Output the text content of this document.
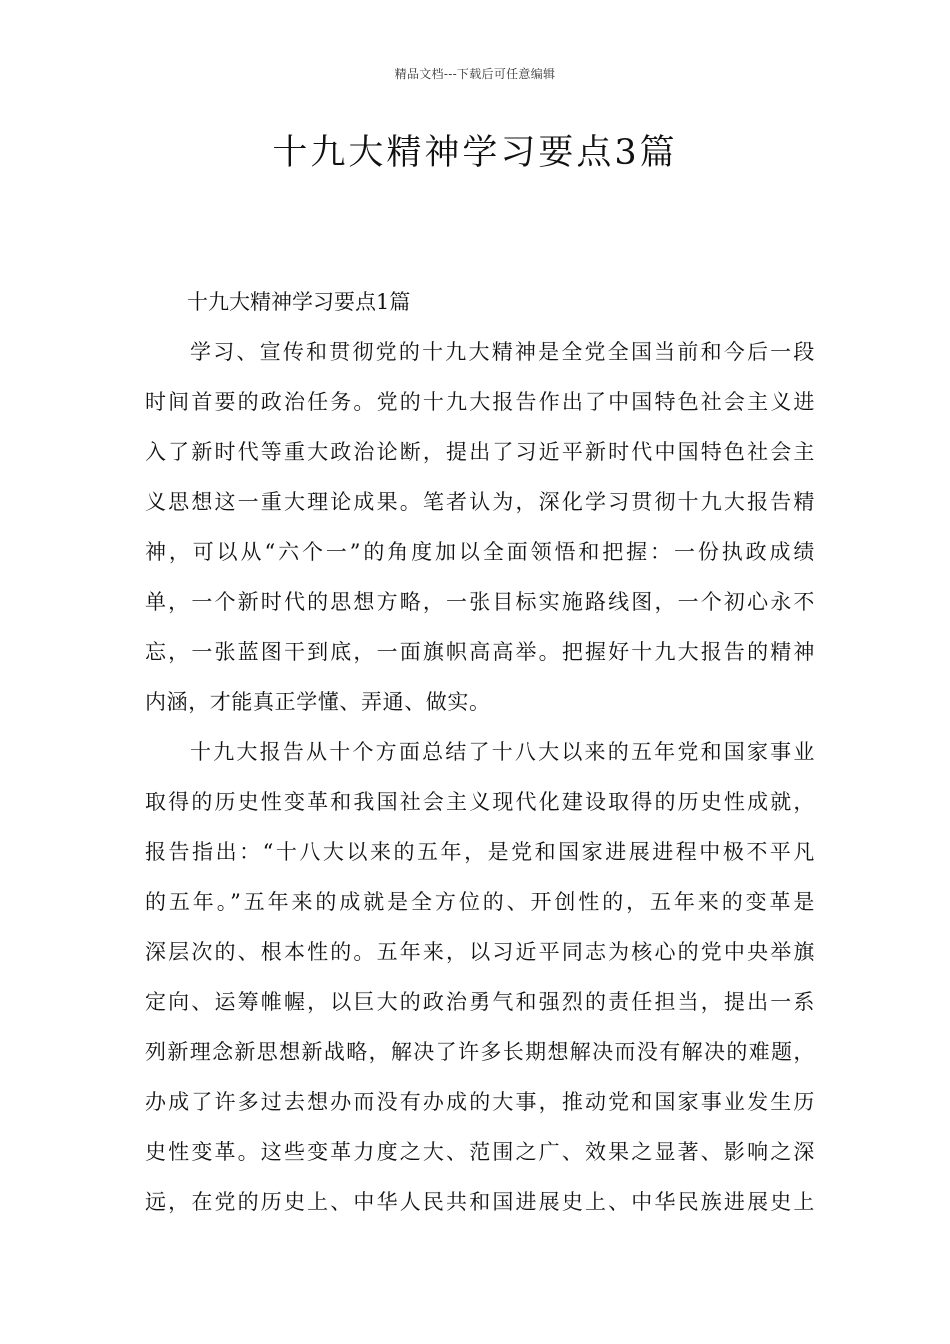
精品文档---下载后可任意编辑
十九大精神学习要点3篇

十九大精神学习要点1篇

学习、宣传和贯彻党的十九大精神是全党全国当前和今后一段

时间首要的政治任务。党的十九大报告作出了中国特色社会主义进

入了新时代等重大政治论断，提出了习近平新时代中国特色社会主

义思想这一重大理论成果。笔者认为，深化学习贯彻十九大报告精

神，可以从“六个一”的角度加以全面领悟和把握：一份执政成绩

单，一个新时代的思想方略，一张目标实施路线图，一个初心永不

忘，一张蓝图干到底，一面旗帜高高举。把握好十九大报告的精神

内涵，才能真正学懂、弄通、做实。

十九大报告从十个方面总结了十八大以来的五年党和国家事业

取得的历史性变革和我国社会主义现代化建设取得的历史性成就，

报告指出：“十八大以来的五年，是党和国家进展进程中极不平凡

的五年。”五年来的成就是全方位的、开创性的，五年来的变革是

深层次的、根本性的。五年来，以习近平同志为核心的党中央举旗

定向、运筹帷幄，以巨大的政治勇气和强烈的责任担当，提出一系

列新理念新思想新战略，解决了许多长期想解决而没有解决的难题，

办成了许多过去想办而没有办成的大事，推动党和国家事业发生历

史性变革。这些变革力度之大、范围之广、效果之显著、影响之深

远，在党的历史上、中华人民共和国进展史上、中华民族进展史上
